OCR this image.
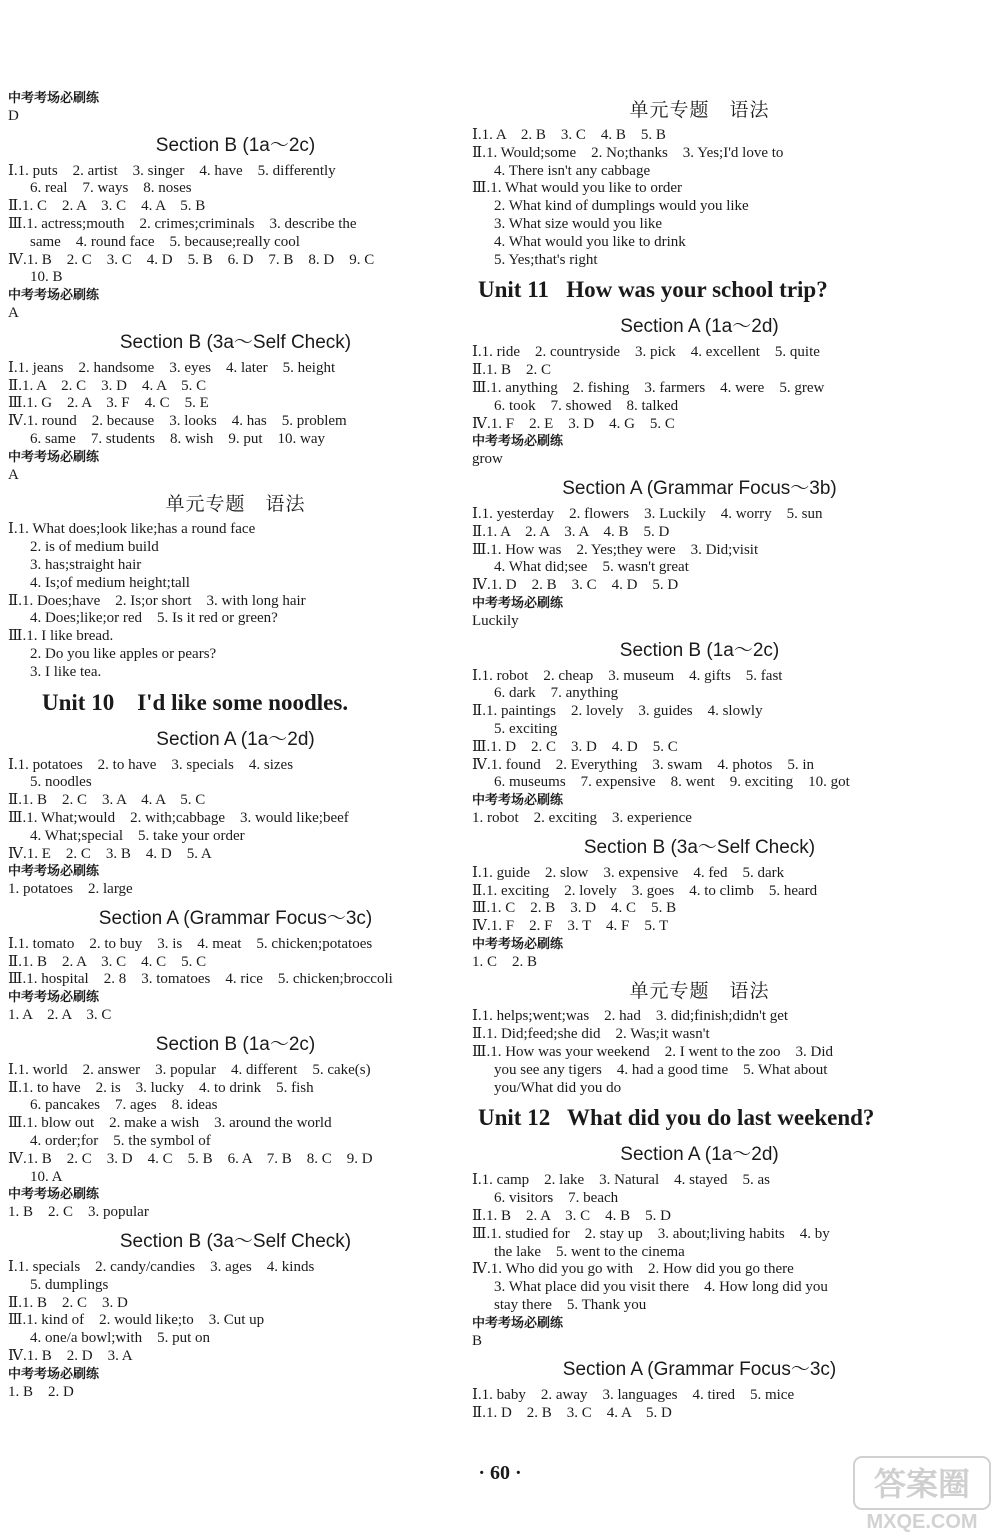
中考考场必刷练
D
Section B (1a～2c)
Ⅰ.1. puts　2. artist　3. singer　4. have　5. differently
6. real　7. ways　8. noses
Ⅱ.1. C　2. A　3. C　4. A　5. B
Ⅲ.1. actress;mouth　2. crimes;criminals　3. describe the
same　4. round face　5. because;really cool
Ⅳ.1. B　2. C　3. C　4. D　5. B　6. D　7. B　8. D　9. C
10. B
中考考场必刷练
A
Section B (3a～Self Check)
Ⅰ.1. jeans　2. handsome　3. eyes　4. later　5. height
Ⅱ.1. A　2. C　3. D　4. A　5. C
Ⅲ.1. G　2. A　3. F　4. C　5. E
Ⅳ.1. round　2. because　3. looks　4. has　5. problem
6. same　7. students　8. wish　9. put　10. way
中考考场必刷练
A
单元专题　语法
Ⅰ.1. What does;look like;has a round face
2. is of medium build
3. has;straight hair
4. Is;of medium height;tall
Ⅱ.1. Does;have　2. Is;or short　3. with long hair
4. Does;like;or red　5. Is it red or green?
Ⅲ.1. I like bread.
2. Do you like apples or pears?
3. I like tea.
Unit 10 I'd like some noodles.
Section A (1a～2d)
Ⅰ.1. potatoes　2. to have　3. specials　4. sizes
5. noodles
Ⅱ.1. B　2. C　3. A　4. A　5. C
Ⅲ.1. What;would　2. with;cabbage　3. would like;beef
4. What;special　5. take your order
Ⅳ.1. E　2. C　3. B　4. D　5. A
中考考场必刷练
1. potatoes　2. large
Section A (Grammar Focus～3c)
Ⅰ.1. tomato　2. to buy　3. is　4. meat　5. chicken;potatoes
Ⅱ.1. B　2. A　3. C　4. C　5. C
Ⅲ.1. hospital　2. 8　3. tomatoes　4. rice　5. chicken;broccoli
中考考场必刷练
1. A　2. A　3. C
Section B (1a～2c)
Ⅰ.1. world　2. answer　3. popular　4. different　5. cake(s)
Ⅱ.1. to have　2. is　3. lucky　4. to drink　5. fish
6. pancakes　7. ages　8. ideas
Ⅲ.1. blow out　2. make a wish　3. around the world
4. order;for　5. the symbol of
Ⅳ.1. B　2. C　3. D　4. C　5. B　6. A　7. B　8. C　9. D
10. A
中考考场必刷练
1. B　2. C　3. popular
Section B (3a～Self Check)
Ⅰ.1. specials　2. candy/candies　3. ages　4. kinds
5. dumplings
Ⅱ.1. B　2. C　3. D
Ⅲ.1. kind of　2. would like;to　3. Cut up
4. one/a bowl;with　5. put on
Ⅳ.1. B　2. D　3. A
中考考场必刷练
1. B　2. D
单元专题　语法
Ⅰ.1. A　2. B　3. C　4. B　5. B
Ⅱ.1. Would;some　2. No;thanks　3. Yes;I'd love to
4. There isn't any cabbage
Ⅲ.1. What would you like to order
2. What kind of dumplings would you like
3. What size would you like
4. What would you like to drink
5. Yes;that's right
Unit 11 How was your school trip?
Section A (1a～2d)
Ⅰ.1. ride　2. countryside　3. pick　4. excellent　5. quite
Ⅱ.1. B　2. C
Ⅲ.1. anything　2. fishing　3. farmers　4. were　5. grew
6. took　7. showed　8. talked
Ⅳ.1. F　2. E　3. D　4. G　5. C
中考考场必刷练
grow
Section A (Grammar Focus～3b)
Ⅰ.1. yesterday　2. flowers　3. Luckily　4. worry　5. sun
Ⅱ.1. A　2. A　3. A　4. B　5. D
Ⅲ.1. How was　2. Yes;they were　3. Did;visit
4. What did;see　5. wasn't great
Ⅳ.1. D　2. B　3. C　4. D　5. D
中考考场必刷练
Luckily
Section B (1a～2c)
Ⅰ.1. robot　2. cheap　3. museum　4. gifts　5. fast
6. dark　7. anything
Ⅱ.1. paintings　2. lovely　3. guides　4. slowly
5. exciting
Ⅲ.1. D　2. C　3. D　4. D　5. C
Ⅳ.1. found　2. Everything　3. swam　4. photos　5. in
6. museums　7. expensive　8. went　9. exciting　10. got
中考考场必刷练
1. robot　2. exciting　3. experience
Section B (3a～Self Check)
Ⅰ.1. guide　2. slow　3. expensive　4. fed　5. dark
Ⅱ.1. exciting　2. lovely　3. goes　4. to climb　5. heard
Ⅲ.1. C　2. B　3. D　4. C　5. B
Ⅳ.1. F　2. F　3. T　4. F　5. T
中考考场必刷练
1. C　2. B
单元专题　语法
Ⅰ.1. helps;went;was　2. had　3. did;finish;didn't get
Ⅱ.1. Did;feed;she did　2. Was;it wasn't
Ⅲ.1. How was your weekend　2. I went to the zoo　3. Did
you see any tigers　4. had a good time　5. What about
you/What did you do
Unit 12 What did you do last weekend?
Section A (1a～2d)
Ⅰ.1. camp　2. lake　3. Natural　4. stayed　5. as
6. visitors　7. beach
Ⅱ.1. B　2. A　3. C　4. B　5. D
Ⅲ.1. studied for　2. stay up　3. about;living habits　4. by
the lake　5. went to the cinema
Ⅳ.1. Who did you go with　2. How did you go there
3. What place did you visit there　4. How long did you
stay there　5. Thank you
中考考场必刷练
B
Section A (Grammar Focus～3c)
Ⅰ.1. baby　2. away　3. languages　4. tired　5. mice
Ⅱ.1. D　2. B　3. C　4. A　5. D
· 60 ·	答案圈
MXQE.COM
